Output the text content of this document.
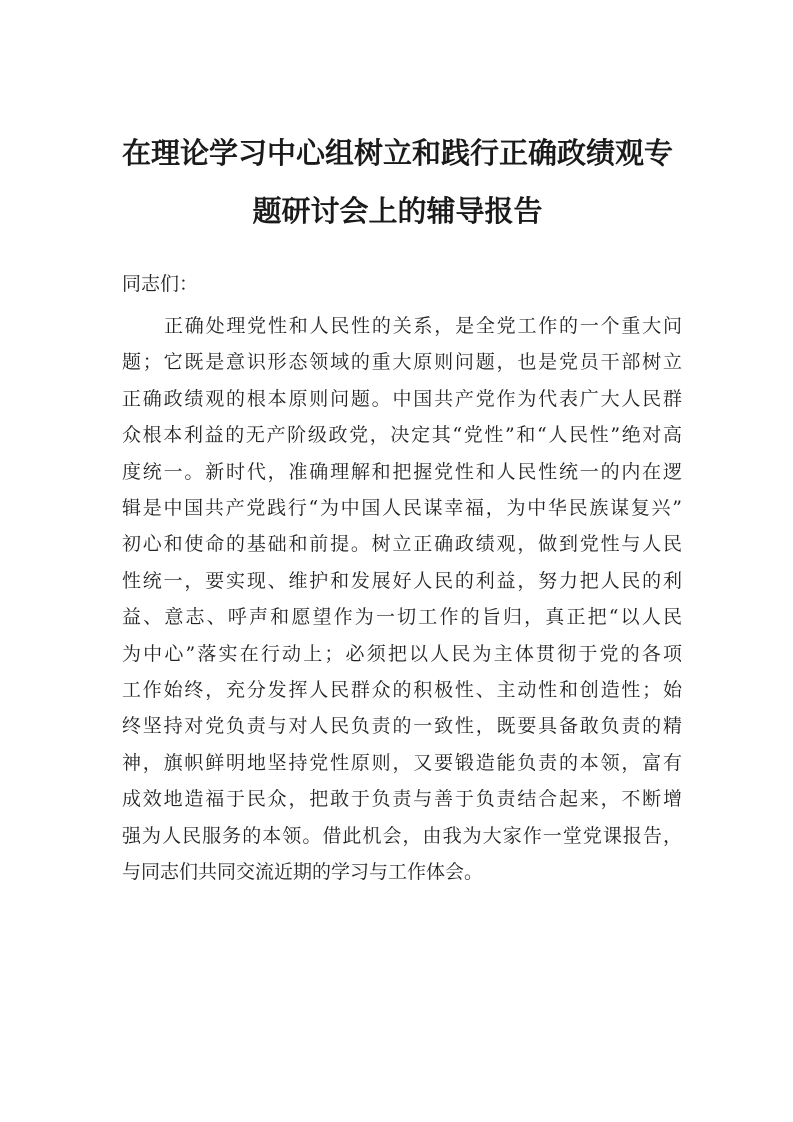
在理论学习中心组树立和践行正确政绩观专
题研讨会上的辅导报告

同志们：

正确处理党性和人民性的关系，是全党工作的一个重大问
题；它既是意识形态领域的重大原则问题，也是党员干部树立
正确政绩观的根本原则问题。中国共产党作为代表广大人民群
众根本利益的无产阶级政党，决定其“党性”和“人民性”绝对高
度统一。新时代，准确理解和把握党性和人民性统一的内在逻
辑是中国共产党践行“为中国人民谋幸福，为中华民族谋复兴”
初心和使命的基础和前提。树立正确政绩观，做到党性与人民
性统一，要实现、维护和发展好人民的利益，努力把人民的利
益、意志、呼声和愿望作为一切工作的旨归，真正把“以人民
为中心”落实在行动上；必须把以人民为主体贯彻于党的各项
工作始终，充分发挥人民群众的积极性、主动性和创造性；始
终坚持对党负责与对人民负责的一致性，既要具备敢负责的精
神，旗帜鲜明地坚持党性原则，又要锻造能负责的本领，富有
成效地造福于民众，把敢于负责与善于负责结合起来，不断增
强为人民服务的本领。借此机会，由我为大家作一堂党课报告，
与同志们共同交流近期的学习与工作体会。
